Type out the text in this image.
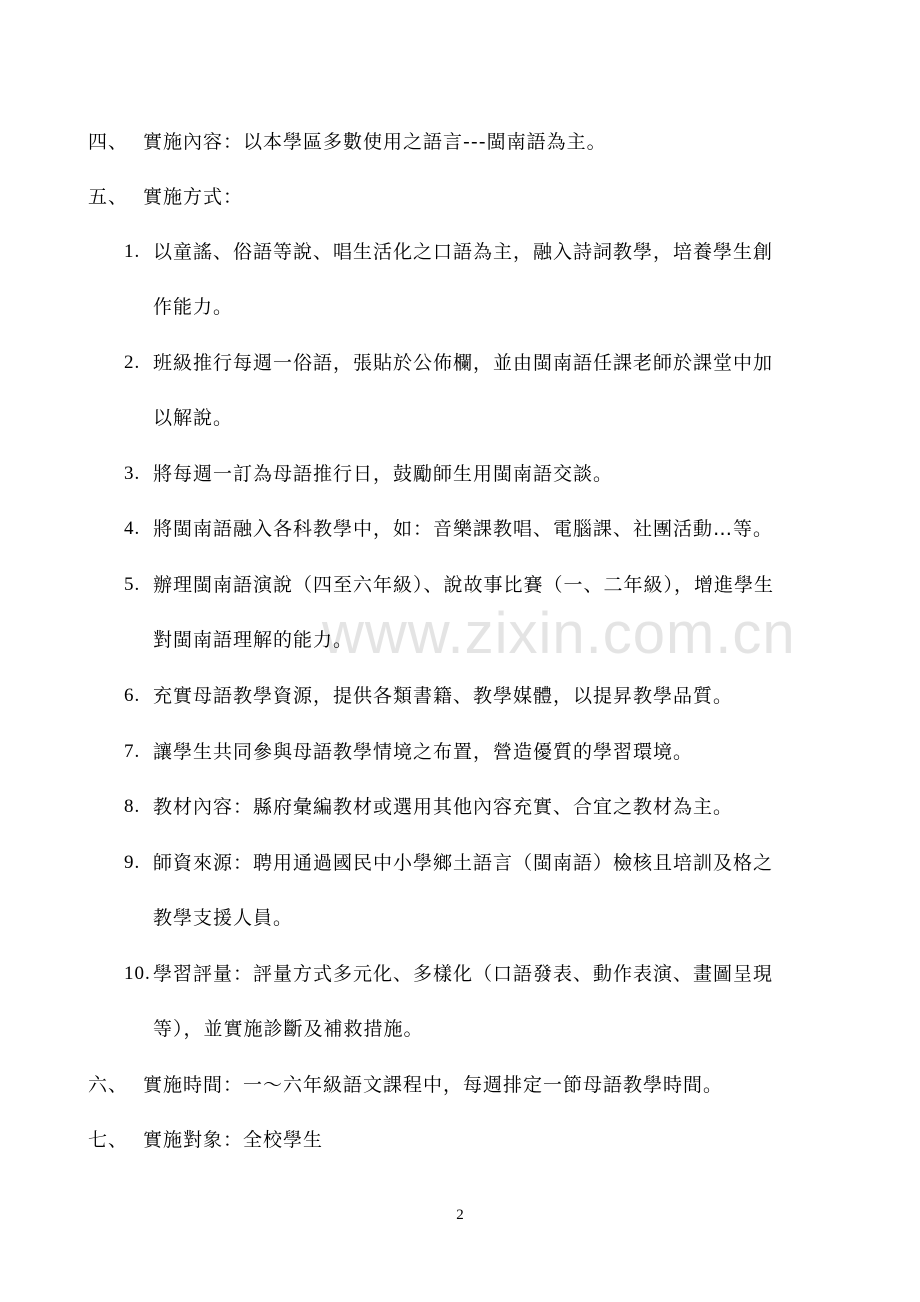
www.zixin.com.cn
四、 實施內容：以本學區多數使用之語言---閩南語為主。
五、 實施方式：
1. 以童謠、俗語等說、唱生活化之口語為主，融入詩詞教學，培養學生創
作能力。
2. 班級推行每週一俗語，張貼於公佈欄，並由閩南語任課老師於課堂中加
以解說。
3. 將每週一訂為母語推行日，鼓勵師生用閩南語交談。
4. 將閩南語融入各科教學中，如：音樂課教唱、電腦課、社團活動…等。
5. 辦理閩南語演說（四至六年級）、說故事比賽（一、二年級），增進學生
對閩南語理解的能力。
6. 充實母語教學資源，提供各類書籍、教學媒體，以提昇教學品質。
7. 讓學生共同參與母語教學情境之布置，營造優質的學習環境。
8. 教材內容：縣府彙編教材或選用其他內容充實、合宜之教材為主。
9. 師資來源：聘用通過國民中小學鄉土語言（閩南語）檢核且培訓及格之
教學支援人員。
10. 學習評量：評量方式多元化、多樣化（口語發表、動作表演、畫圖呈現
等），並實施診斷及補救措施。
六、 實施時間：一～六年級語文課程中，每週排定一節母語教學時間。
七、 實施對象：全校學生
2
